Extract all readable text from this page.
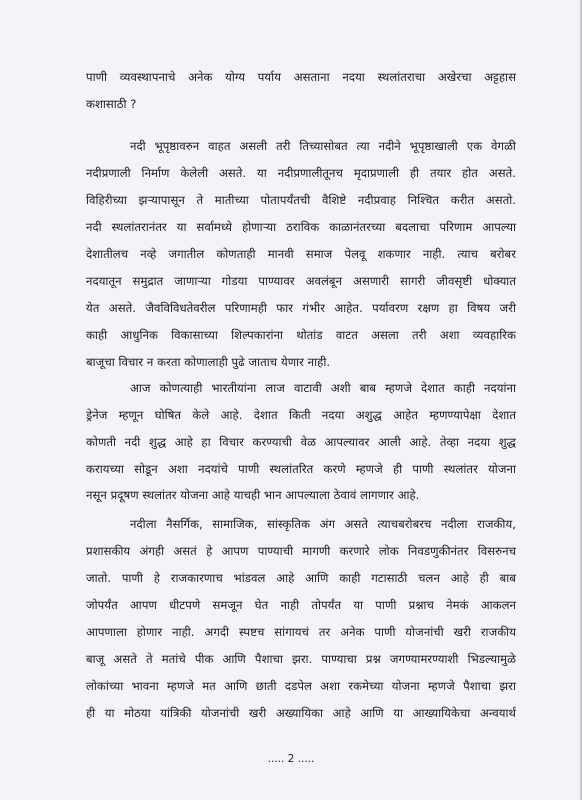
पाणी व्यवस्थापनाचे अनेक योग्य पर्याय असताना नदया स्थलांतराचा अखेरचा अट्टहास
कशासाठी ?
नदी भूपृष्ठावरुन वाहत असली तरी तिच्यासोबत त्या नदीने भूपृष्ठाखाली एक वेगळी
नदीप्रणाली निर्माण केलेली असते. या नदीप्रणालीतूनच मृदाप्रणाली ही तयार होत असते.
विहिरीच्या झऱ्यापासून ते मातीच्या पोतापर्यंतची वैशिष्टे नदीप्रवाह निश्चित करीत असतो.
नदी स्थलांतरानंतर या सर्वामध्ये होणाऱ्या ठराविक काळानंतरच्या बदलाचा परिणाम आपल्या
देशातीलच नव्हे जगातील कोणताही मानवी समाज पेलवू शकणार नाही. त्याच बरोबर
नदयातून समुद्रात जाणाऱ्या गोडया पाण्यावर अवलंबून असणारी सागरी जीवसृष्टी धोक्यात
येत असते. जैवविविधतेवरील परिणामही फार गंभीर आहेत. पर्यावरण रक्षण हा विषय जरी
काही आधुनिक विकासाच्या शिल्पकारांना थोतांड वाटत असला तरी अशा व्यवहारिक
बाजूचा विचार न करता कोणालाही पुढे जाताच येणार नाही.
आज कोणत्याही भारतीयांना लाज वाटावी अशी बाब म्हणजे देशात काही नदयांना
ड्रेनेज म्हणून घोषित केले आहे. देशात किती नदया अशुद्ध आहेत म्हणण्यापेक्षा देशात
कोणती नदी शुद्ध आहे हा विचार करण्याची वेळ आपल्यावर आली आहे. तेव्हा नदया शुद्ध
करायच्या सोडून अशा नदयांचे पाणी स्थलांतरित करणे म्हणजे ही पाणी स्थलांतर योजना
नसून प्रदूषण स्थलांतर योजना आहे याचही भान आपल्याला ठेवावं लागणार आहे.
नदीला नैसर्गिक, सामाजिक, सांस्कृतिक अंग असते त्याचबरोबरच नदीला राजकीय,
प्रशासकीय अंगही असतं हे आपण पाण्याची मागणी करणारे लोक निवडणुकीनंतर विसरुनच
जातो. पाणी हे राजकारणाच भांडवल आहे आणि काही गटासाठी चलन आहे ही बाब
जोपर्यंत आपण धीटपणे समजून घेत नाही तोपर्यंत या पाणी प्रश्नाच नेमकं आकलन
आपणाला होणार नाही. अगदी स्पष्टच सांगायचं तर अनेक पाणी योजनांची खरी राजकीय
बाजू असते ते मतांचे पीक आणि पैशाचा झरा. पाण्याचा प्रश्न जगण्यामरण्याशी भिडल्यामुळे
लोकांच्या भावना म्हणजे मत आणि छाती दडपेल अशा रकमेच्या योजना म्हणजे पैशाचा झरा
ही या मोठया यांत्रिकी योजनांची खरी अख्यायिका आहे आणि या आख्यायिकेचा अन्वयार्थ
..... 2 .....
